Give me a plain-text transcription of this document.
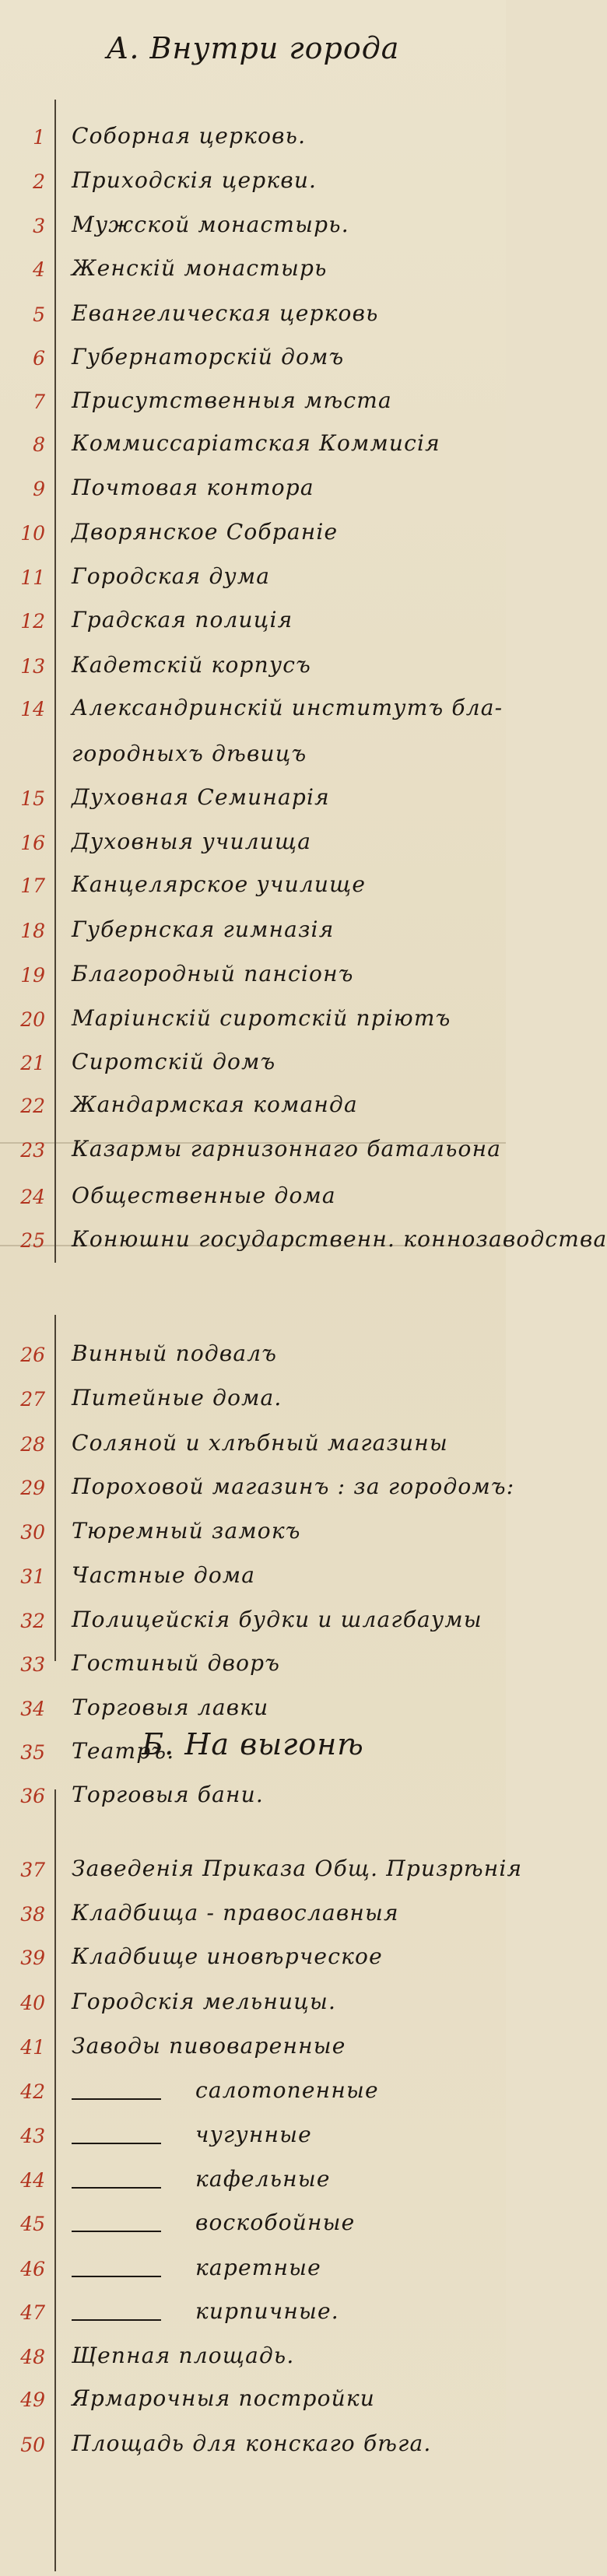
А. Внутри города
Б. На выгонѣ
1 Соборная церковь.
2 Приходскія церкви.
3 Мужской монастырь.
4 Женскій монастырь
5 Евангелическая церковь
6 Губернаторскій домъ
7 Присутственныя мѣста
8 Коммиссаріатская Коммисія
9 Почтовая контора
10 Дворянское Собраніе
11 Городская дума
12 Градская полиція
13 Кадетскій корпусъ
14 Александринскій институтъ бла-
городныхъ дѣвицъ
15 Духовная Семинарія
16 Духовныя училища
17 Канцелярское училище
18 Губернская гимназія
19 Благородный пансіонъ
20 Маріинскій сиротскій пріютъ
21 Сиротскій домъ
22 Жандармская команда
23 Казармы гарнизоннаго батальона
24 Общественные дома
25 Конюшни государственн. коннозаводства
26 Винный подвалъ
27 Питейные дома.
28 Соляной и хлѣбный магазины
29 Пороховой магазинъ : за городомъ:
30 Тюремный замокъ
31 Частные дома
32 Полицейскія будки и шлагбаумы
33 Гостиный дворъ
34 Торговыя лавки
35 Театръ.
36 Торговыя бани.
37 Заведенія Приказа Общ. Призрѣнія
38 Кладбища - православныя
39 Кладбище иновѣрческое
40 Городскія мельницы.
41 Заводы пивоваренные
42	салотопенные
43	чугунные
44	кафельные
45	воскобойные
46	каретные
47	кирпичные.
48 Щепная площадь.
49 Ярмарочныя постройки
50 Площадь для конскаго бѣга.
